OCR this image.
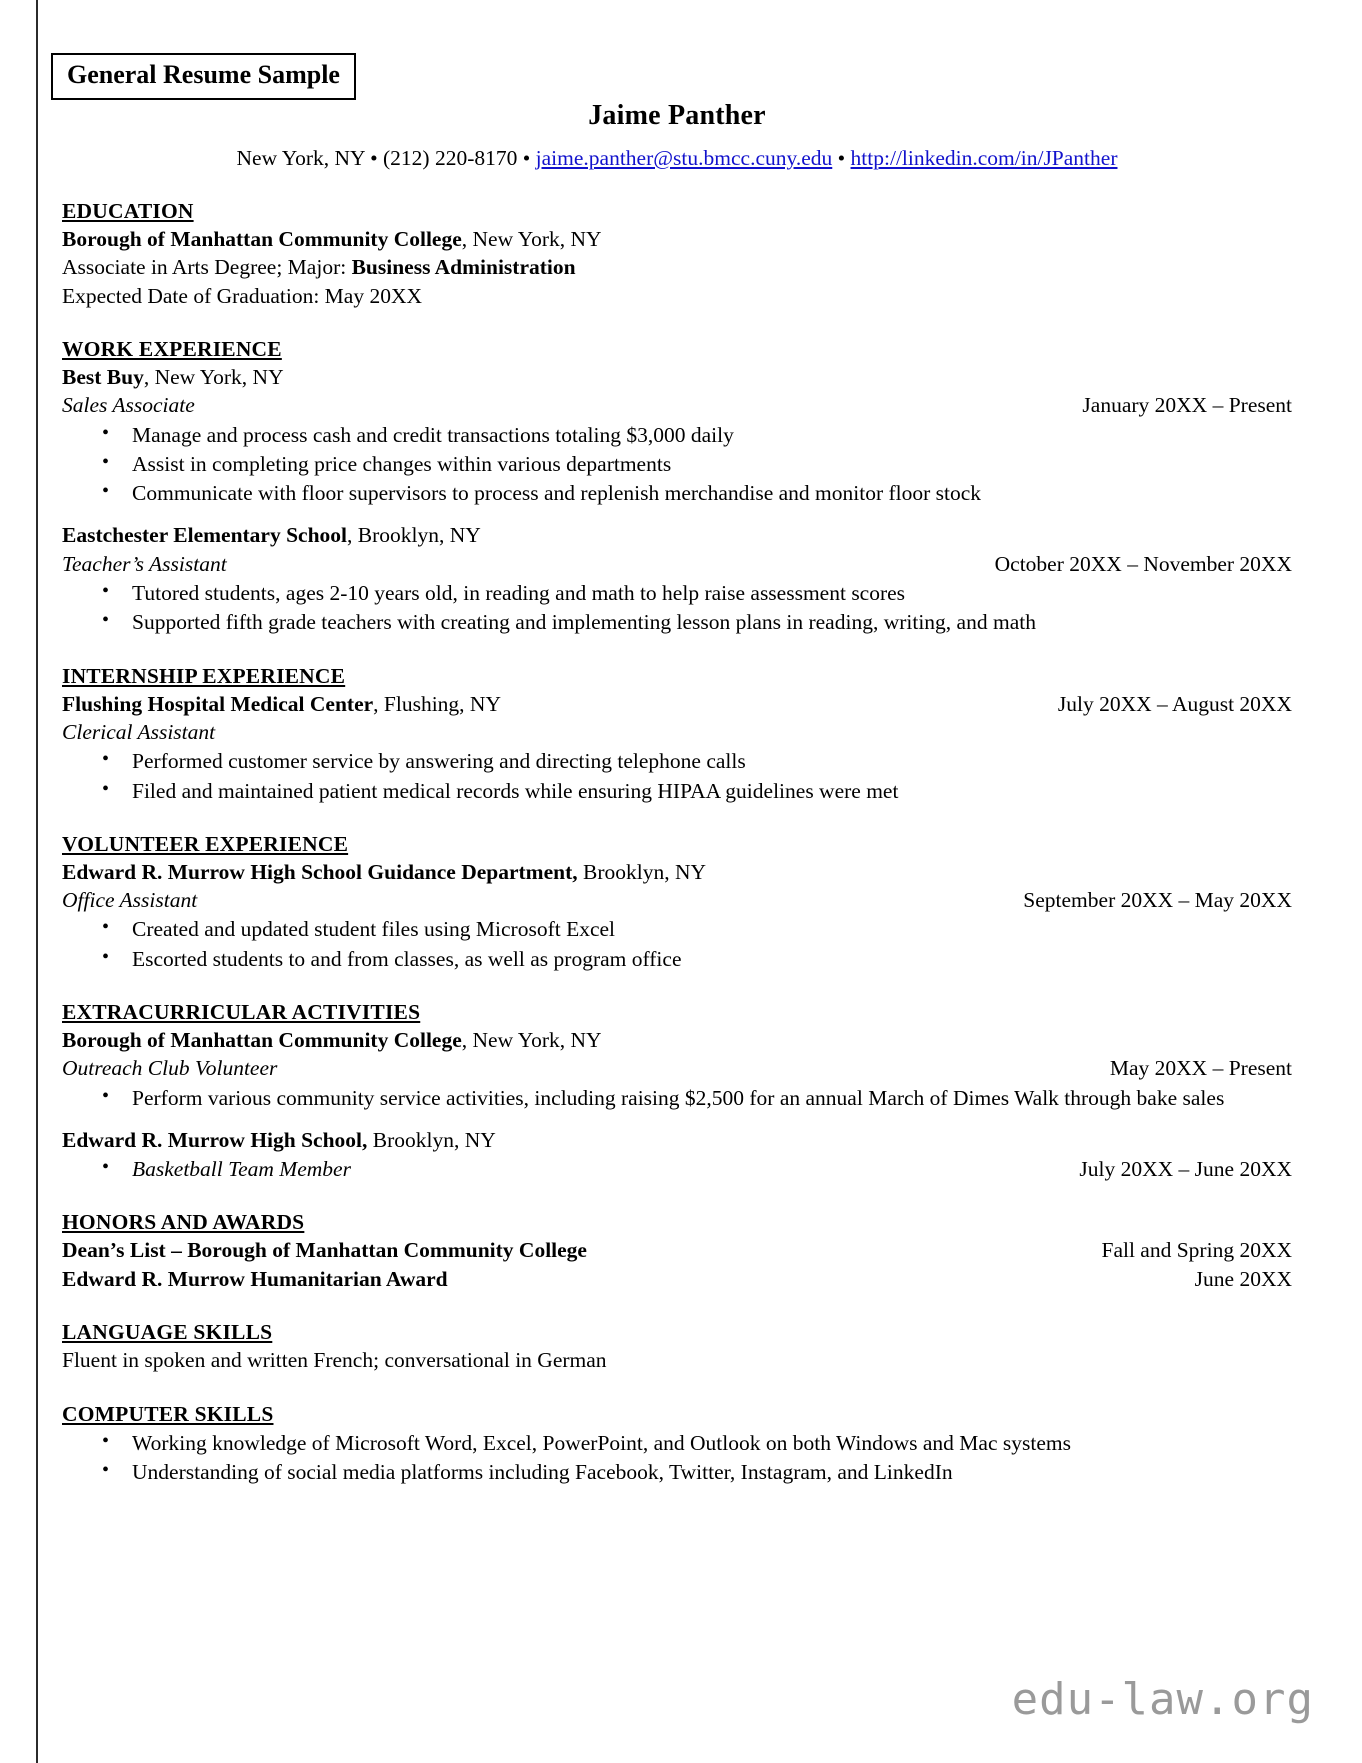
General Resume Sample
Jaime Panther
New York, NY • (212) 220-8170 • jaime.panther@stu.bmcc.cuny.edu • http://linkedin.com/in/JPanther
EDUCATION
Borough of Manhattan Community College, New York, NY
Associate in Arts Degree; Major: Business Administration
Expected Date of Graduation: May 20XX
WORK EXPERIENCE
Best Buy, New York, NY
Sales Associate	January 20XX – Present
• Manage and process cash and credit transactions totaling $3,000 daily
• Assist in completing price changes within various departments
• Communicate with floor supervisors to process and replenish merchandise and monitor floor stock
Eastchester Elementary School, Brooklyn, NY
Teacher’s Assistant	October 20XX – November 20XX
• Tutored students, ages 2-10 years old, in reading and math to help raise assessment scores
• Supported fifth grade teachers with creating and implementing lesson plans in reading, writing, and math
INTERNSHIP EXPERIENCE
Flushing Hospital Medical Center, Flushing, NY	July 20XX – August 20XX
Clerical Assistant
• Performed customer service by answering and directing telephone calls
• Filed and maintained patient medical records while ensuring HIPAA guidelines were met
VOLUNTEER EXPERIENCE
Edward R. Murrow High School Guidance Department, Brooklyn, NY
Office Assistant	September 20XX – May 20XX
• Created and updated student files using Microsoft Excel
• Escorted students to and from classes, as well as program office
EXTRACURRICULAR ACTIVITIES
Borough of Manhattan Community College, New York, NY
Outreach Club Volunteer	May 20XX – Present
• Perform various community service activities, including raising $2,500 for an annual March of Dimes Walk through bake sales
Edward R. Murrow High School, Brooklyn, NY
• Basketball Team Member	July 20XX – June 20XX
HONORS AND AWARDS
Dean’s List – Borough of Manhattan Community College	Fall and Spring 20XX
Edward R. Murrow Humanitarian Award	June 20XX
LANGUAGE SKILLS
Fluent in spoken and written French; conversational in German
COMPUTER SKILLS
• Working knowledge of Microsoft Word, Excel, PowerPoint, and Outlook on both Windows and Mac systems
• Understanding of social media platforms including Facebook, Twitter, Instagram, and LinkedIn
edu-law.org
